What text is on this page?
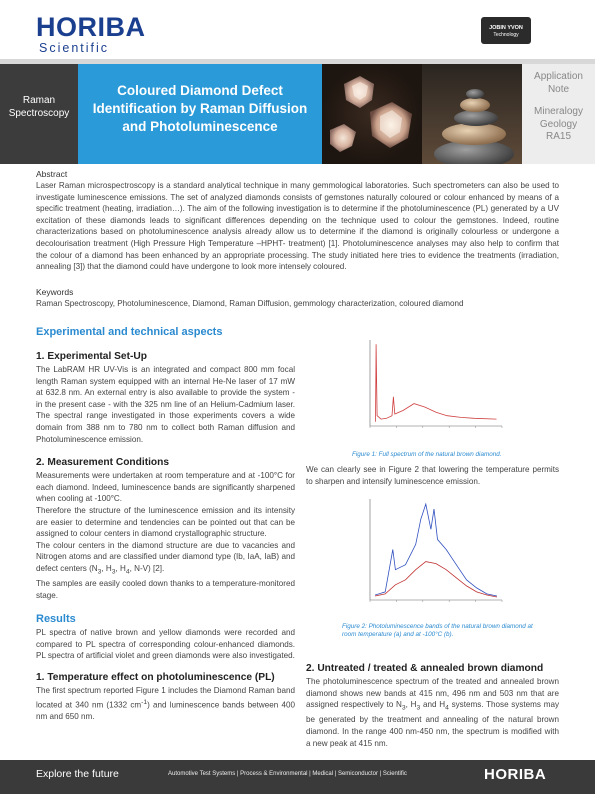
HORIBA
Scientific
JOBIN YVON
Technology
Raman
Spectroscopy
Coloured Diamond Defect
Identification by Raman Diffusion
and Photoluminescence
Application
Note
Mineralogy
Geology
RA15
Abstract
Laser Raman microspectroscopy is a standard analytical technique in many gemmological laboratories. Such spectrometers can also be used to investigate luminescence emissions. The set of analyzed diamonds consists of gemstones naturally coloured or colour enhanced by means of a specific treatment (heating, irradiation…). The aim of the following investigation is to determine if the photoluminescence (PL) generated by a UV excitation of these diamonds leads to significant differences depending on the technique used to colour the gemstones. Indeed, routine characterizations based on photoluminescence analysis already allow us to determine if the diamond is originally colourless or undergone a decolourisation treatment (High Pressure High Temperature –HPHT- treatment) [1]. Photoluminescence analyses may also help to confirm that the colour of a diamond has been enhanced by an appropriate processing. The study initiated here tries to evidence the treatments (irradiation, annealing [3]) that the diamond could have undergone to look more intensely coloured.
Keywords
Raman Spectroscopy, Photoluminescence, Diamond, Raman Diffusion, gemmology characterization, coloured diamond
Experimental and technical aspects
1. Experimental Set-Up
The LabRAM HR UV-Vis is an integrated and compact 800 mm focal length Raman system equipped with an internal He-Ne laser of 17 mW at 632.8 nm. An external entry is also available to provide the system - in the present case - with the 325 nm line of an Helium-Cadmium laser. The spectral range investigated in those experiments covers a wide domain from 388 nm to 780 nm to collect both Raman diffusion and Photoluminescence emission.
2. Measurement Conditions
Measurements were undertaken at room temperature and at -100°C for each diamond. Indeed, luminescence bands are significantly sharpened when cooling at -100°C.
Therefore the structure of the luminescence emission and its intensity are easier to determine and tendencies can be pointed out that can be assigned to colour centers in diamond crystallographic structure.
The colour centers in the diamond structure are due to vacancies and Nitrogen atoms and are classified under diamond type (Ib, IaA, IaB) and defect centers ($N_3$, $H_3$, $H_4$, N-V) [2].
The samples are easily cooled down thanks to a temperature-monitored stage.
Results
PL spectra of native brown and yellow diamonds were recorded and compared to PL spectra of corresponding colour-enhanced diamonds. PL spectra of artificial violet and green diamonds were also investigated.
1. Temperature effect on photoluminescence (PL)
The first spectrum reported Figure 1 includes the Diamond Raman band located at 340 nm (1332 $cm^{-1}$) and luminescence bands between 400 nm and 650 nm.
Figure 1: Full spectrum of the natural brown diamond.
We can clearly see in Figure 2 that lowering the temperature permits to sharpen and intensify luminescence emission.
Figure 2: Photoluminescence bands of the natural brown diamond at room temperature (a) and at -100°C (b).
2. Untreated / treated & annealed brown diamond
The photoluminescence spectrum of the treated and annealed brown diamond shows new bands at 415 nm, 496 nm and 503 nm that are assigned respectively to $N_3$, $H_3$ and $H_4$ systems. Those systems may be generated by the treatment and annealing of the natural brown diamond. In the range 400 nm-450 nm, the spectrum is modified with a new peak at 415 nm.
Explore the future	Automotive Test Systems | Process & Environmental | Medical | Semiconductor | Scientific	HORIBA
